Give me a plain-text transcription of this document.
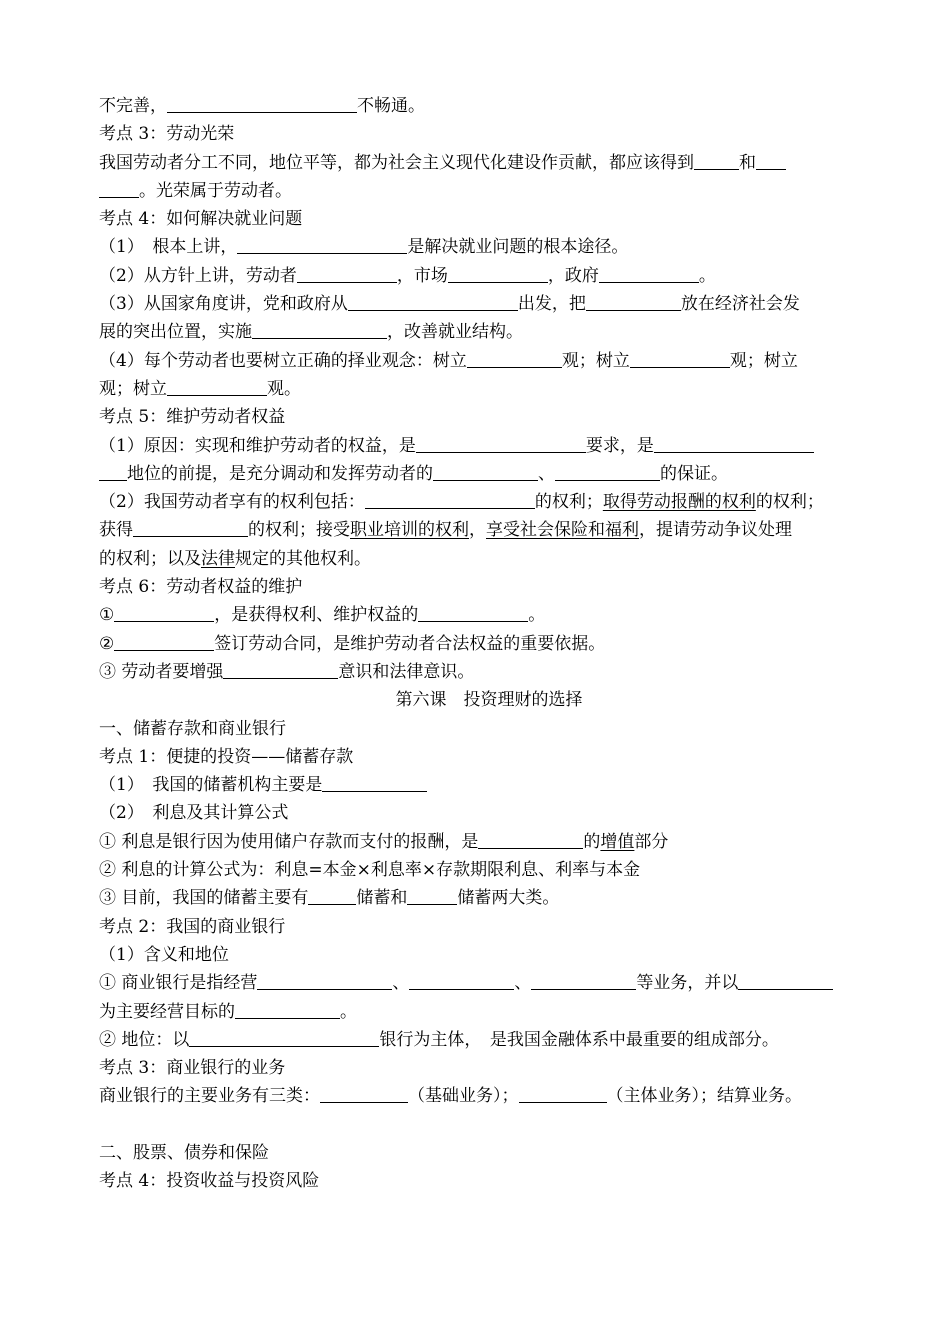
不完善，	不畅通。
考点 3：劳动光荣
我国劳动者分工不同，地位平等，都为社会主义现代化建设作贡献，都应该得到	和
。光荣属于劳动者。
考点 4：如何解决就业问题
（1）　根本上讲，	是解决就业问题的根本途径。
（2）从方针上讲，劳动者	，市场	，政府	。
（3）从国家角度讲，党和政府从	出发，把	放在经济社会发
展的突出位置，实施	，改善就业结构。
（4）每个劳动者也要树立正确的择业观念：树立	观；树立	观；树立
观；树立	观。
考点 5：维护劳动者权益
（1）原因：实现和维护劳动者的权益，是	要求，是
地位的前提，是充分调动和发挥劳动者的	、	的保证。
（2）我国劳动者享有的权利包括：	的权利；取得劳动报酬的权利的权利；
获得	的权利；接受职业培训的权利，享受社会保险和福利，提请劳动争议处理
的权利；以及法律规定的其他权利。
考点 6：劳动者权益的维护
①	，是获得权利、维护权益的	。
②	签订劳动合同，是维护劳动者合法权益的重要依据。
③ 劳动者要增强	意识和法律意识。
第六课　投资理财的选择
一、储蓄存款和商业银行
考点 1：便捷的投资——储蓄存款
（1）　我国的储蓄机构主要是
（2）　利息及其计算公式
① 利息是银行因为使用储户存款而支付的报酬，是	的增值部分
② 利息的计算公式为：利息=本金×利息率×存款期限利息、利率与本金
③ 目前，我国的储蓄主要有	储蓄和	储蓄两大类。
考点 2：我国的商业银行
（1）含义和地位
① 商业银行是指经营	、	、	等业务，并以
为主要经营目标的	。
② 地位：以	银行为主体，　是我国金融体系中最重要的组成部分。
考点 3：商业银行的业务
商业银行的主要业务有三类：	（基础业务）；	（主体业务）；结算业务。
二、股票、债券和保险
考点 4：投资收益与投资风险
